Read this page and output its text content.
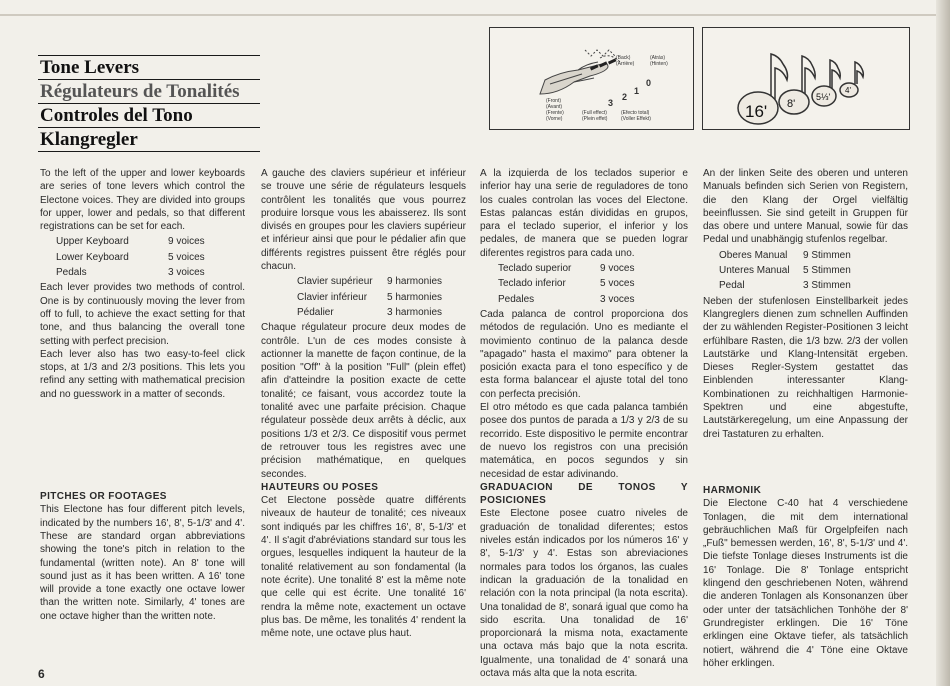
Tone Levers
Régulateurs de Tonalités
Controles del Tono
Klangregler
(Back)
(Arrière)
(Atrás)
(Hinten)
(Front)
(Avant)
(Frente)
(Vorne)
(Full effect)
(Plein effet)
(Efecto total)
(Voller Effekt)
0
1
2
3	16' 8'
5⅓'
4'

To the left of the upper and lower keyboards are series of tone levers which control the Electone voices. They are divided into groups for upper, lower and pedals, so that different registrations can be set for each.

Upper Keyboard	9 voices
Lower Keyboard	5 voices
Pedals	3 voices

Each lever provides two methods of control. One is by continuously moving the lever from off to full, to achieve the exact setting for that tone, and thus balancing the overall tone setting with perfect precision.

Each lever also has two easy-to-feel click stops, at 1/3 and 2/3 positions. This lets you refind any setting with mathematical precision and no guesswork in a matter of seconds.

PITCHES OR FOOTAGES

This Electone has four different pitch levels, indicated by the numbers 16', 8', 5-1/3' and 4'. These are standard organ abbreviations showing the tone's pitch in relation to the fundamental (written note). An 8' tone will sound just as it has been written. A 16' tone will provide a tone exactly one octave lower than the written note. Similarly, 4' tones are one octave higher than the written note.

A gauche des claviers supérieur et inférieur se trouve une série de régulateurs lesquels contrôlent les tonalités que vous pourrez produire lorsque vous les abaisserez. Ils sont divisés en groupes pour les claviers supérieur et inférieur ainsi que pour le pédalier afin que différents registres puissent être réglés pour chacun.

Clavier supérieur	9 harmonies
Clavier inférieur	5 harmonies
Pédalier	3 harmonies

Chaque régulateur procure deux modes de contrôle. L'un de ces modes consiste à actionner la manette de façon continue, de la position "Off" à la position "Full" (plein effet) afin d'atteindre la position exacte de cette tonalité; ce faisant, vous accordez toute la tonalité avec une parfaite précision. Chaque régulateur possède deux arrêts à déclic, aux positions 1/3 et 2/3. Ce dispositif vous permet de retrouver tous les registres avec une précision mathématique, en quelques secondes.

HAUTEURS OU POSES

Cet Electone possède quatre différents niveaux de hauteur de tonalité; ces niveaux sont indiqués par les chiffres 16', 8', 5-1/3' et 4'. Il s'agit d'abréviations standard sur tous les orgues, lesquelles indiquent la hauteur de la tonalité relativement au son fondamental (la note écrite). Une tonalité 8' est la même note que celle qui est écrite. Une tonalité 16' rendra la même note, exactement un octave plus bas. De même, les tonalités 4' rendent la même note, une octave plus haut.

A la izquierda de los teclados superior e inferior hay una serie de reguladores de tono los cuales controlan las voces del Electone. Estas palancas están divididas en grupos, para el teclado superior, el inferior y los pedales, de manera que se pueden lograr diferentes registros para cada uno.

Teclado superior	9 voces
Teclado inferior	5 voces
Pedales	3 voces

Cada palanca de control proporciona dos métodos de regulación. Uno es mediante el movimiento continuo de la palanca desde "apagado" hasta el maximo" para obtener la posición exacta para el tono específico y de esta forma balancear el ajuste total del tono con perfecta precisión.

El otro método es que cada palanca también posee dos puntos de parada a 1/3 y 2/3 de su recorrido. Este dispositivo le permite encontrar de nuevo los registros con una precisión matemática, en pocos segundos y sin necesidad de estar adivinando.

GRADUACION DE TONOS Y POSICIONES

Este Electone posee cuatro niveles de graduación de tonalidad diferentes; estos niveles están indicados por los números 16' y 8', 5-1/3' y 4'. Estas son abreviaciones normales para todos los órganos, las cuales indican la graduación de la tonalidad en relación con la nota principal (la nota escrita). Una tonalidad de 8', sonará igual que como ha sido escrita. Una tonalidad de 16' proporcionará la misma nota, exactamente una octava más bajo que la nota escrita. Igualmente, una tonalidad de 4' sonará una octava más alta que la nota escrita.

An der linken Seite des oberen und unteren Manuals befinden sich Serien von Registern, die den Klang der Orgel vielfältig beeinflussen. Sie sind geteilt in Gruppen für das obere und untere Manual, sowie für das Pedal und unabhängig stufenlos regelbar.

Oberes Manual	9 Stimmen
Unteres Manual	5 Stimmen
Pedal	3 Stimmen

Neben der stufenlosen Einstellbarkeit jedes Klangreglers dienen zum schnellen Auffinden der zu wählenden Register-Positionen 3 leicht erfühlbare Rasten, die 1/3 bzw. 2/3 der vollen Lautstärke und Klang-Intensität ergeben. Dieses Regler-System gestattet das Einblenden interessanter Klang-Kombinationen zu reichhaltigen Harmonie-Spektren und eine abgestufte, Lautstärkeregelung, um eine Anpassung der drei Tastaturen zu erhalten.

HARMONIK

Die Electone C-40 hat 4 verschiedene Tonlagen, die mit dem international gebräuchlichen Maß für Orgelpfeifen nach „Fuß" bemessen werden, 16', 8', 5-1/3' und 4'. Die tiefste Tonlage dieses Instruments ist die 16' Tonlage. Die 8' Tonlage entspricht klingend den geschriebenen Noten, während die anderen Tonlagen als Konsonanzen über oder unter der tatsächlichen Tonhöhe der 8' Grundregister erklingen. Die 16' Töne erklingen eine Oktave tiefer, als tatsächlich notiert, während die 4' Töne eine Oktave höher erklingen.

6
